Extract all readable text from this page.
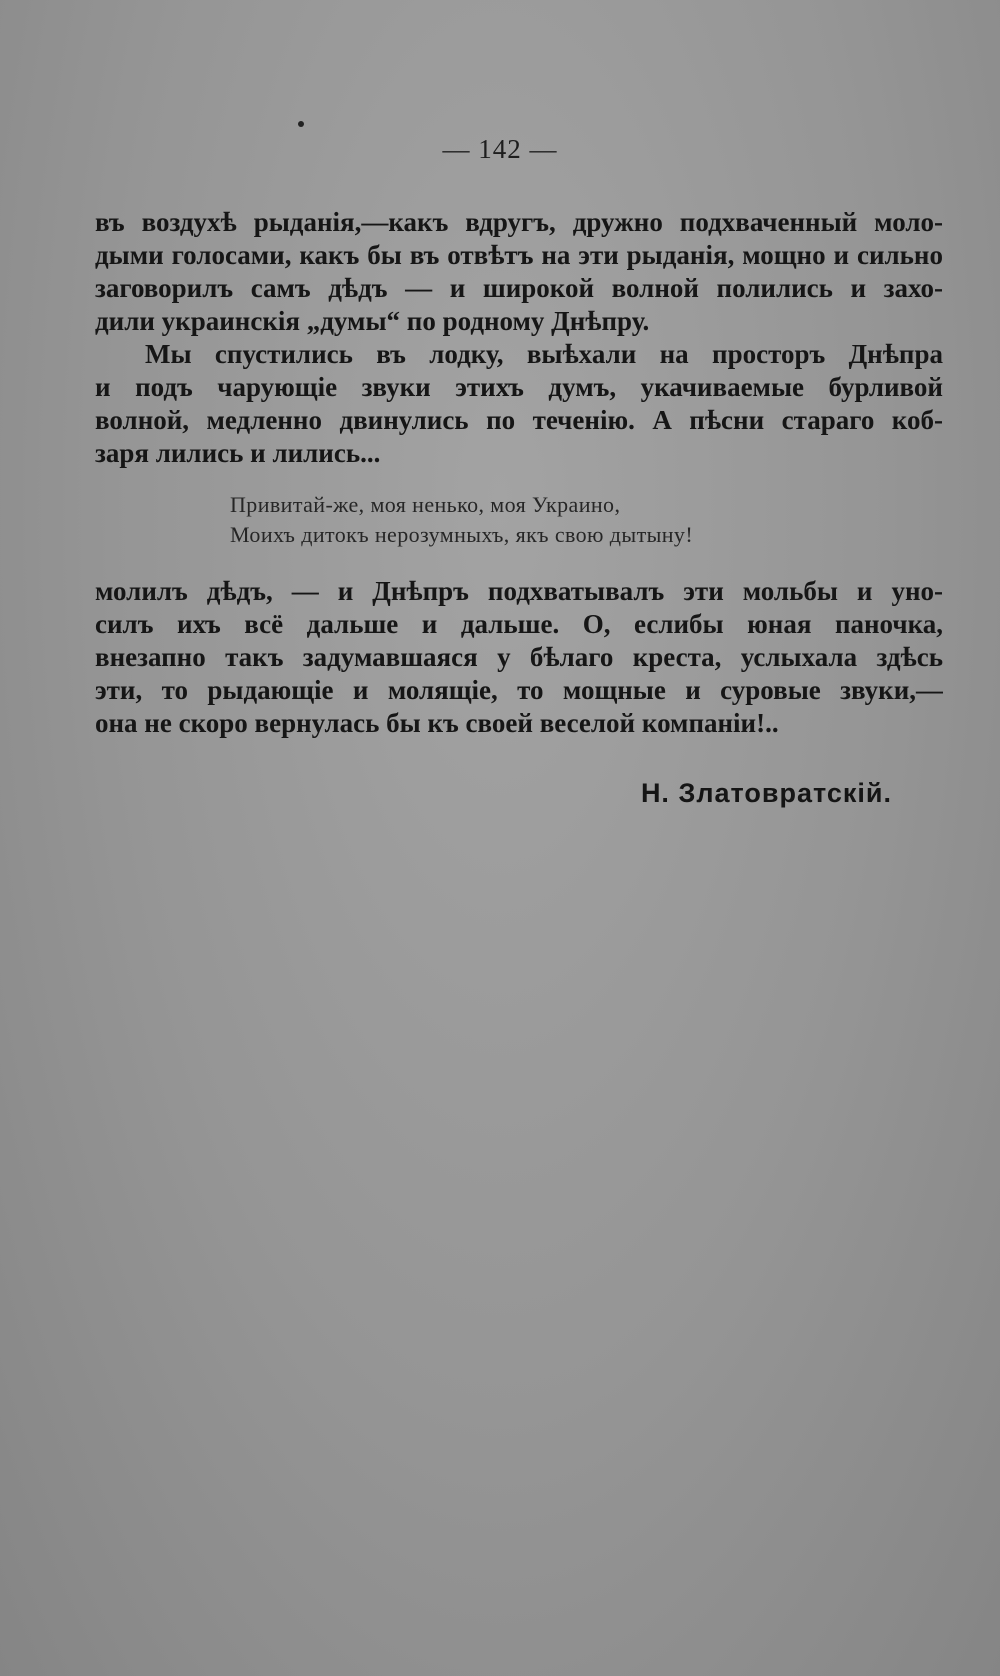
— 142 —
въ воздухѣ рыданія,—какъ вдругъ, дружно подхваченный моло-
дыми голосами, какъ бы въ отвѣтъ на эти рыданія, мощно и сильно
заговорилъ самъ дѣдъ — и широкой волной полились и захо-
дили украинскія „думы“ по родному Днѣпру.
Мы спустились въ лодку, выѣхали на просторъ Днѣпра
и подъ чарующіе звуки этихъ думъ, укачиваемые бурливой
волной, медленно двинулись по теченію. А пѣсни стараго коб-
заря лились и лились...
Привитай-же, моя ненько, моя Украино,
Моихъ дитокъ нерозумныхъ, якъ свою дытыну!
молилъ дѣдъ, — и Днѣпръ подхватывалъ эти мольбы и уно-
силъ ихъ всё дальше и дальше. О, еслибы юная паночка,
внезапно такъ задумавшаяся у бѣлаго креста, услыхала здѣсь
эти, то рыдающіе и молящіе, то мощные и суровые звуки,—
она не скоро вернулась бы къ своей веселой компаніи!..
Н. Златовратскій.
